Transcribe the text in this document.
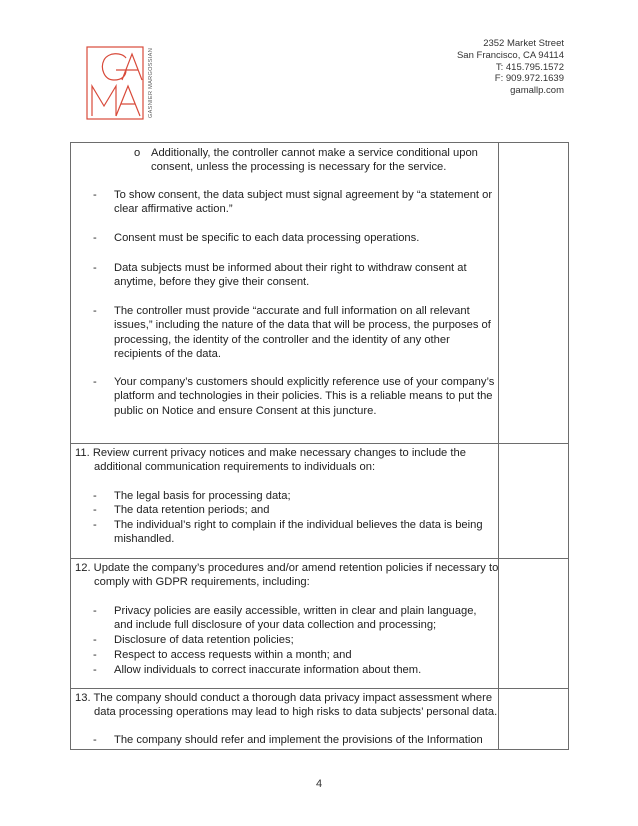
GASNIER MARGOSSIAN
2352 Market Street
San Francisco, CA 94114
T: 415.795.1572
F: 909.972.1639
gamallp.com
o Additionally, the controller cannot make a service conditional upon consent, unless the processing is necessary for the service.
- To show consent, the data subject must signal agreement by “a statement or clear affirmative action.”
- Consent must be specific to each data processing operations.
- Data subjects must be informed about their right to withdraw consent at anytime, before they give their consent.
- The controller must provide “accurate and full information on all relevant issues,” including the nature of the data that will be process, the purposes of processing, the identity of the controller and the identity of any other recipients of the data.
- Your company’s customers should explicitly reference use of your company’s platform and technologies in their policies. This is a reliable means to put the public on Notice and ensure Consent at this juncture.
11. Review current privacy notices and make necessary changes to include the additional communication requirements to individuals on:
- The legal basis for processing data;
- The data retention periods; and
- The individual’s right to complain if the individual believes the data is being mishandled.
12. Update the company’s procedures and/or amend retention policies if necessary to comply with GDPR requirements, including:
- Privacy policies are easily accessible, written in clear and plain language, and include full disclosure of your data collection and processing;
- Disclosure of data retention policies;
- Respect to access requests within a month; and
- Allow individuals to correct inaccurate information about them.
13. The company should conduct a thorough data privacy impact assessment where data processing operations may lead to high risks to data subjects’ personal data.
- The company should refer and implement the provisions of the Information
4
